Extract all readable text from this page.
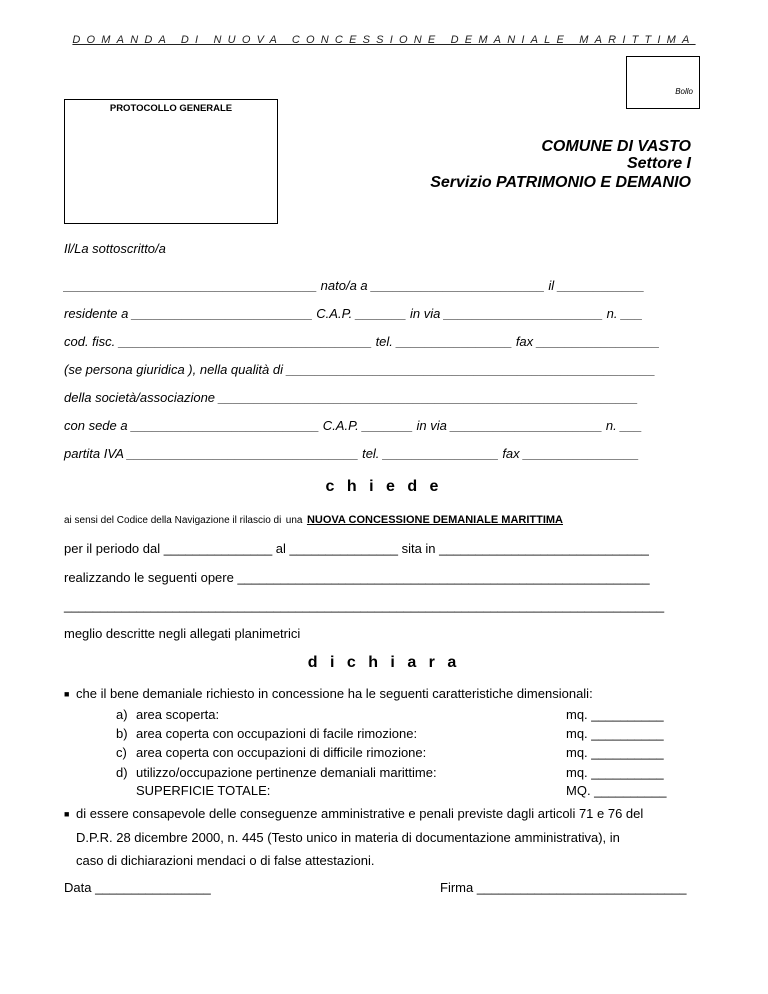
DOMANDA DI NUOVA CONCESSIONE DEMANIALE MARITTIMA
Bollo
PROTOCOLLO GENERALE
COMUNE DI VASTO
Settore I
Servizio PATRIMONIO E DEMANIO
Il/La sottoscritto/a
___________________________________ nato/a a ________________________ il ____________
residente a _________________________ C.A.P. _______ in via ______________________ n. ___
cod. fisc. ___________________________________ tel. ________________ fax _________________
(se persona giuridica ), nella qualità di ___________________________________________________
della società/associazione __________________________________________________________
con sede a __________________________ C.A.P. _______ in via _____________________ n. ___
partita IVA ________________________________ tel. ________________ fax ________________
c h i e d e
ai sensi del Codice della Navigazione il rilascio di una NUOVA CONCESSIONE DEMANIALE MARITTIMA
per il periodo dal _______________ al _______________ sita in _____________________________
realizzando le seguenti opere _________________________________________________________
___________________________________________________________________________________
meglio descritte negli allegati planimetrici
d i c h i a r a
■ che il bene demaniale richiesto in concessione ha le seguenti caratteristiche dimensionali:
a) area scoperta:	mq. __________
b) area coperta con occupazioni di facile rimozione:	mq. __________
c) area coperta con occupazioni di difficile rimozione:	mq. __________
d) utilizzo/occupazione pertinenze demaniali marittime:	mq. __________
SUPERFICIE TOTALE:	MQ. __________
■ di essere consapevole delle conseguenze amministrative e penali previste dagli articoli 71 e 76 del
D.P.R. 28 dicembre 2000, n. 445 (Testo unico in materia di documentazione amministrativa), in
caso di dichiarazioni mendaci o di false attestazioni.
Data ________________	Firma _____________________________
